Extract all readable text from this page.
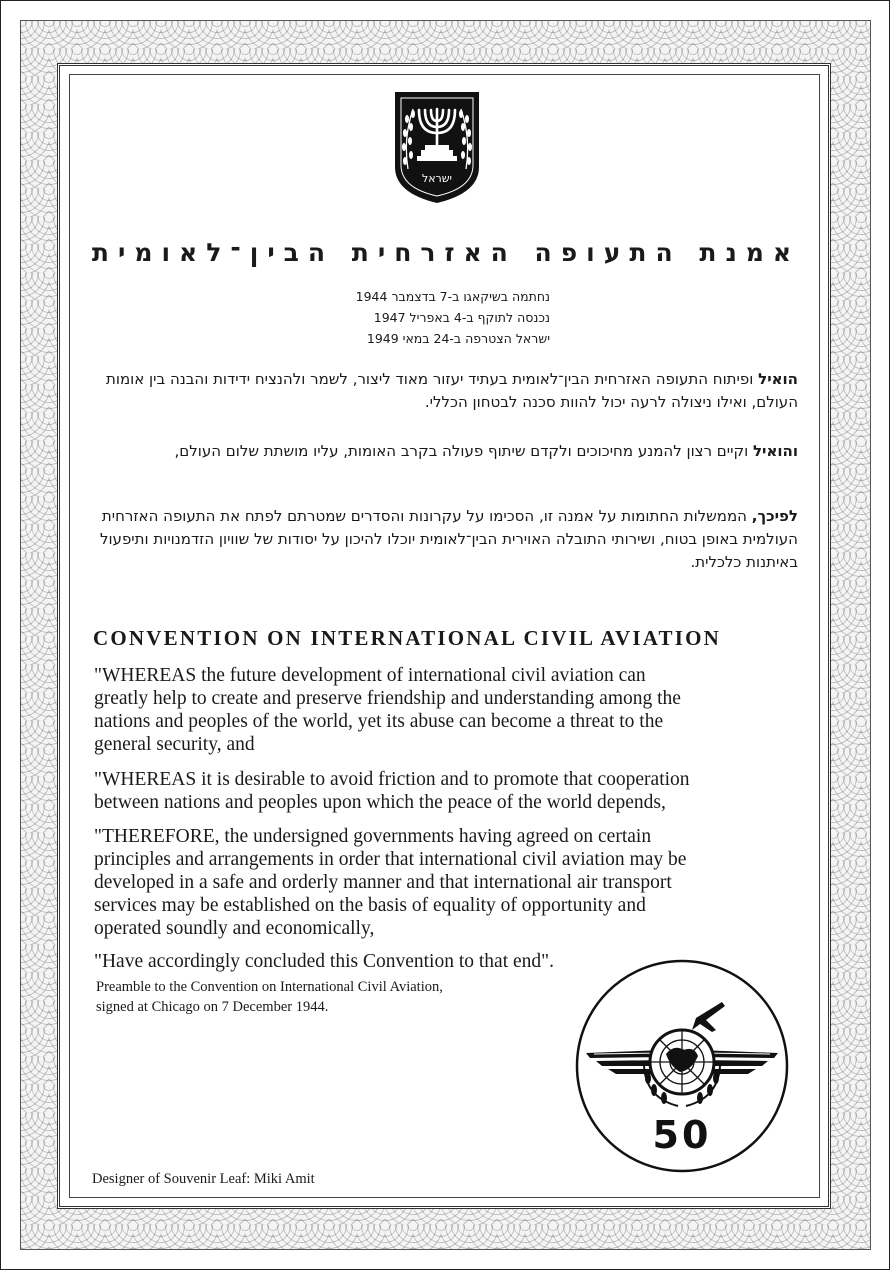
ישראל
אמנת התעופה האזרחית הבין־לאומית
נחתמה בשיקאגו ב-7 בדצמבר 1944
נכנסה לתוקף ב-4 באפריל 1947
ישראל הצטרפה ב-24 במאי 1949
הואיל ופיתוח התעופה האזרחית הבין־לאומית בעתיד יעזור מאוד ליצור, לשמר ולהנציח ידידות והבנה בין אומות העולם, ואילו ניצולה לרעה יכול להוות סכנה לבטחון הכללי.
והואיל וקיים רצון להמנע מחיכוכים ולקדם שיתוף פעולה בקרב האומות, עליו מושתת שלום העולם,
לפיכך, הממשלות החתומות על אמנה זו, הסכימו על עקרונות והסדרים שמטרתם לפתח את התעופה האזרחית העולמית באופן בטוח, ושירותי התובלה האוירית הבין־לאומית יוכלו להיכון על יסודות של שוויון הזדמנויות ותיפעול באיתנות כלכלית.
CONVENTION ON INTERNATIONAL CIVIL AVIATION
"WHEREAS the future development of international civil aviation can
greatly help to create and preserve friendship and understanding among the
nations and peoples of the world, yet its abuse can become a threat to the
general security, and
"WHEREAS it is desirable to avoid friction and to promote that cooperation
between nations and peoples upon which the peace of the world depends,
"THEREFORE, the undersigned governments having agreed on certain
principles and arrangements in order that international civil aviation may be
developed in a safe and orderly manner and that international air transport
services may be established on the basis of equality of opportunity and
operated soundly and economically,
"Have accordingly concluded this Convention to that end".
Preamble to the Convention on International Civil Aviation,
signed at Chicago on 7 December 1944.
50
Designer of Souvenir Leaf: Miki Amit
